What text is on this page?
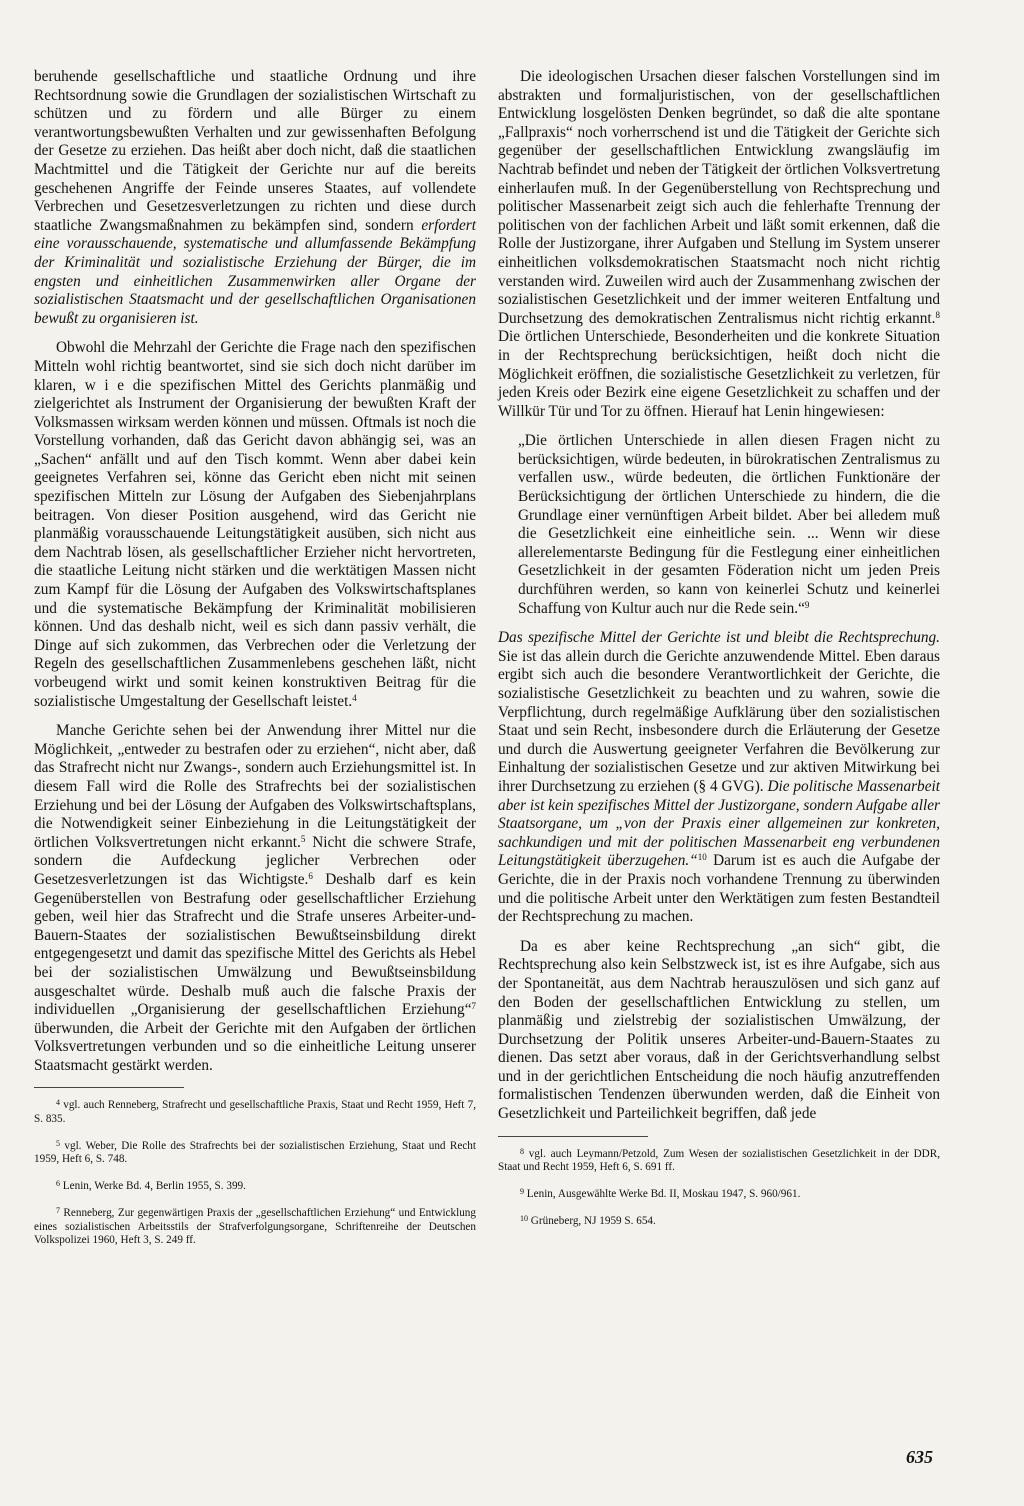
beruhende gesellschaftliche und staatliche Ordnung und ihre Rechtsordnung sowie die Grundlagen der sozialistischen Wirtschaft zu schützen und zu fördern und alle Bürger zu einem verantwortungsbewußten Verhalten und zur gewissenhaften Befolgung der Gesetze zu erziehen. Das heißt aber doch nicht, daß die staatlichen Machtmittel und die Tätigkeit der Gerichte nur auf die bereits geschehenen Angriffe der Feinde unseres Staates, auf vollendete Verbrechen und Gesetzesverletzungen zu richten und diese durch staatliche Zwangsmaßnahmen zu bekämpfen sind, sondern erfordert eine vorausschauende, systematische und allumfassende Bekämpfung der Kriminalität und sozialistische Erziehung der Bürger, die im engsten und einheitlichen Zusammenwirken aller Organe der sozialistischen Staatsmacht und der gesellschaftlichen Organisationen bewußt zu organisieren ist.

Obwohl die Mehrzahl der Gerichte die Frage nach den spezifischen Mitteln wohl richtig beantwortet, sind sie sich doch nicht darüber im klaren, w i e die spezifischen Mittel des Gerichts planmäßig und zielgerichtet als Instrument der Organisierung der bewußten Kraft der Volksmassen wirksam werden können und müssen. Oftmals ist noch die Vorstellung vorhanden, daß das Gericht davon abhängig sei, was an „Sachen“ anfällt und auf den Tisch kommt. Wenn aber dabei kein geeignetes Verfahren sei, könne das Gericht eben nicht mit seinen spezifischen Mitteln zur Lösung der Aufgaben des Siebenjahrplans beitragen. Von dieser Position ausgehend, wird das Gericht nie planmäßig vorausschauende Leitungstätigkeit ausüben, sich nicht aus dem Nachtrab lösen, als gesellschaftlicher Erzieher nicht hervortreten, die staatliche Leitung nicht stärken und die werktätigen Massen nicht zum Kampf für die Lösung der Aufgaben des Volkswirtschaftsplanes und die systematische Bekämpfung der Kriminalität mobilisieren können. Und das deshalb nicht, weil es sich dann passiv verhält, die Dinge auf sich zukommen, das Verbrechen oder die Verletzung der Regeln des gesellschaftlichen Zusammenlebens geschehen läßt, nicht vorbeugend wirkt und somit keinen konstruktiven Beitrag für die sozialistische Umgestaltung der Gesellschaft leistet.$^4$

Manche Gerichte sehen bei der Anwendung ihrer Mittel nur die Möglichkeit, „entweder zu bestrafen oder zu erziehen“, nicht aber, daß das Strafrecht nicht nur Zwangs-, sondern auch Erziehungsmittel ist. In diesem Fall wird die Rolle des Strafrechts bei der sozialistischen Erziehung und bei der Lösung der Aufgaben des Volkswirtschaftsplans, die Notwendigkeit seiner Einbeziehung in die Leitungstätigkeit der örtlichen Volksvertretungen nicht erkannt.$^5$ Nicht die schwere Strafe, sondern die Aufdeckung jeglicher Verbrechen oder Gesetzesverletzungen ist das Wichtigste.$^6$ Deshalb darf es kein Gegenüberstellen von Bestrafung oder gesellschaftlicher Erziehung geben, weil hier das Strafrecht und die Strafe unseres Arbeiter-und-Bauern-Staates der sozialistischen Bewußtseinsbildung direkt entgegengesetzt und damit das spezifische Mittel des Gerichts als Hebel bei der sozialistischen Umwälzung und Bewußtseinsbildung ausgeschaltet würde. Deshalb muß auch die falsche Praxis der individuellen „Organisierung der gesellschaftlichen Erziehung“$^7$ überwunden, die Arbeit der Gerichte mit den Aufgaben der örtlichen Volksvertretungen verbunden und so die einheitliche Leitung unserer Staatsmacht gestärkt werden.

$^4$ vgl. auch Renneberg, Strafrecht und gesellschaftliche Praxis, Staat und Recht 1959, Heft 7, S. 835.

$^5$ vgl. Weber, Die Rolle des Strafrechts bei der sozialistischen Erziehung, Staat und Recht 1959, Heft 6, S. 748.

$^6$ Lenin, Werke Bd. 4, Berlin 1955, S. 399.

$^7$ Renneberg, Zur gegenwärtigen Praxis der „gesellschaftlichen Erziehung“ und Entwicklung eines sozialistischen Arbeitsstils der Strafverfolgungsorgane, Schriftenreihe der Deutschen Volkspolizei 1960, Heft 3, S. 249 ff.

Die ideologischen Ursachen dieser falschen Vorstellungen sind im abstrakten und formaljuristischen, von der gesellschaftlichen Entwicklung losgelösten Denken begründet, so daß die alte spontane „Fallpraxis“ noch vorherrschend ist und die Tätigkeit der Gerichte sich gegenüber der gesellschaftlichen Entwicklung zwangsläufig im Nachtrab befindet und neben der Tätigkeit der örtlichen Volksvertretung einherlaufen muß. In der Gegenüberstellung von Rechtsprechung und politischer Massenarbeit zeigt sich auch die fehlerhafte Trennung der politischen von der fachlichen Arbeit und läßt somit erkennen, daß die Rolle der Justizorgane, ihrer Aufgaben und Stellung im System unserer einheitlichen volksdemokratischen Staatsmacht noch nicht richtig verstanden wird. Zuweilen wird auch der Zusammenhang zwischen der sozialistischen Gesetzlichkeit und der immer weiteren Entfaltung und Durchsetzung des demokratischen Zentralismus nicht richtig erkannt.$^8$ Die örtlichen Unterschiede, Besonderheiten und die konkrete Situation in der Rechtsprechung berücksichtigen, heißt doch nicht die Möglichkeit eröffnen, die sozialistische Gesetzlichkeit zu verletzen, für jeden Kreis oder Bezirk eine eigene Gesetzlichkeit zu schaffen und der Willkür Tür und Tor zu öffnen. Hierauf hat Lenin hingewiesen:

„Die örtlichen Unterschiede in allen diesen Fragen nicht zu berücksichtigen, würde bedeuten, in bürokratischen Zentralismus zu verfallen usw., würde bedeuten, die örtlichen Funktionäre der Berücksichtigung der örtlichen Unterschiede zu hindern, die die Grundlage einer vernünftigen Arbeit bildet. Aber bei alledem muß die Gesetzlichkeit eine einheitliche sein. ... Wenn wir diese allerelementarste Bedingung für die Festlegung einer einheitlichen Gesetzlichkeit in der gesamten Föderation nicht um jeden Preis durchführen werden, so kann von keinerlei Schutz und keinerlei Schaffung von Kultur auch nur die Rede sein.“$^9$

Das spezifische Mittel der Gerichte ist und bleibt die Rechtsprechung. Sie ist das allein durch die Gerichte anzuwendende Mittel. Eben daraus ergibt sich auch die besondere Verantwortlichkeit der Gerichte, die sozialistische Gesetzlichkeit zu beachten und zu wahren, sowie die Verpflichtung, durch regelmäßige Aufklärung über den sozialistischen Staat und sein Recht, insbesondere durch die Erläuterung der Gesetze und durch die Auswertung geeigneter Verfahren die Bevölkerung zur Einhaltung der sozialistischen Gesetze und zur aktiven Mitwirkung bei ihrer Durchsetzung zu erziehen (§ 4 GVG). Die politische Massenarbeit aber ist kein spezifisches Mittel der Justizorgane, sondern Aufgabe aller Staatsorgane, um „von der Praxis einer allgemeinen zur konkreten, sachkundigen und mit der politischen Massenarbeit eng verbundenen Leitungstätigkeit überzugehen.“$^{10}$ Darum ist es auch die Aufgabe der Gerichte, die in der Praxis noch vorhandene Trennung zu überwinden und die politische Arbeit unter den Werktätigen zum festen Bestandteil der Rechtsprechung zu machen.

Da es aber keine Rechtsprechung „an sich“ gibt, die Rechtsprechung also kein Selbstzweck ist, ist es ihre Aufgabe, sich aus der Spontaneität, aus dem Nachtrab herauszulösen und sich ganz auf den Boden der gesellschaftlichen Entwicklung zu stellen, um planmäßig und zielstrebig der sozialistischen Umwälzung, der Durchsetzung der Politik unseres Arbeiter-und-Bauern-Staates zu dienen. Das setzt aber voraus, daß in der Gerichtsverhandlung selbst und in der gerichtlichen Entscheidung die noch häufig anzutreffenden formalistischen Tendenzen überwunden werden, daß die Einheit von Gesetzlichkeit und Parteilichkeit begriffen, daß jede

$^8$ vgl. auch Leymann/Petzold, Zum Wesen der sozialistischen Gesetzlichkeit in der DDR, Staat und Recht 1959, Heft 6, S. 691 ff.

$^9$ Lenin, Ausgewählte Werke Bd. II, Moskau 1947, S. 960/961.

$^{10}$ Grüneberg, NJ 1959 S. 654.

635
